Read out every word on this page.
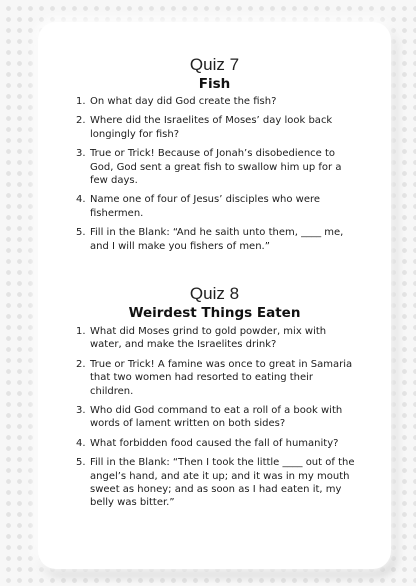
Quiz 7
Fish
1. On what day did God create the fish?
2. Where did the Israelites of Moses’ day look back longingly for fish?
3. True or Trick! Because of Jonah’s disobedience to God, God sent a great fish to swallow him up for a few days.
4. Name one of four of Jesus’ disciples who were fishermen.
5. Fill in the Blank: “And he saith unto them, ____ me, and I will make you fishers of men.”
Quiz 8
Weirdest Things Eaten
1. What did Moses grind to gold powder, mix with water, and make the Israelites drink?
2. True or Trick! A famine was once to great in Samaria that two women had resorted to eating their children.
3. Who did God command to eat a roll of a book with words of lament written on both sides?
4. What forbidden food caused the fall of humanity?
5. Fill in the Blank: “Then I took the little ____ out of the angel’s hand, and ate it up; and it was in my mouth sweet as honey; and as soon as I had eaten it, my belly was bitter.”
